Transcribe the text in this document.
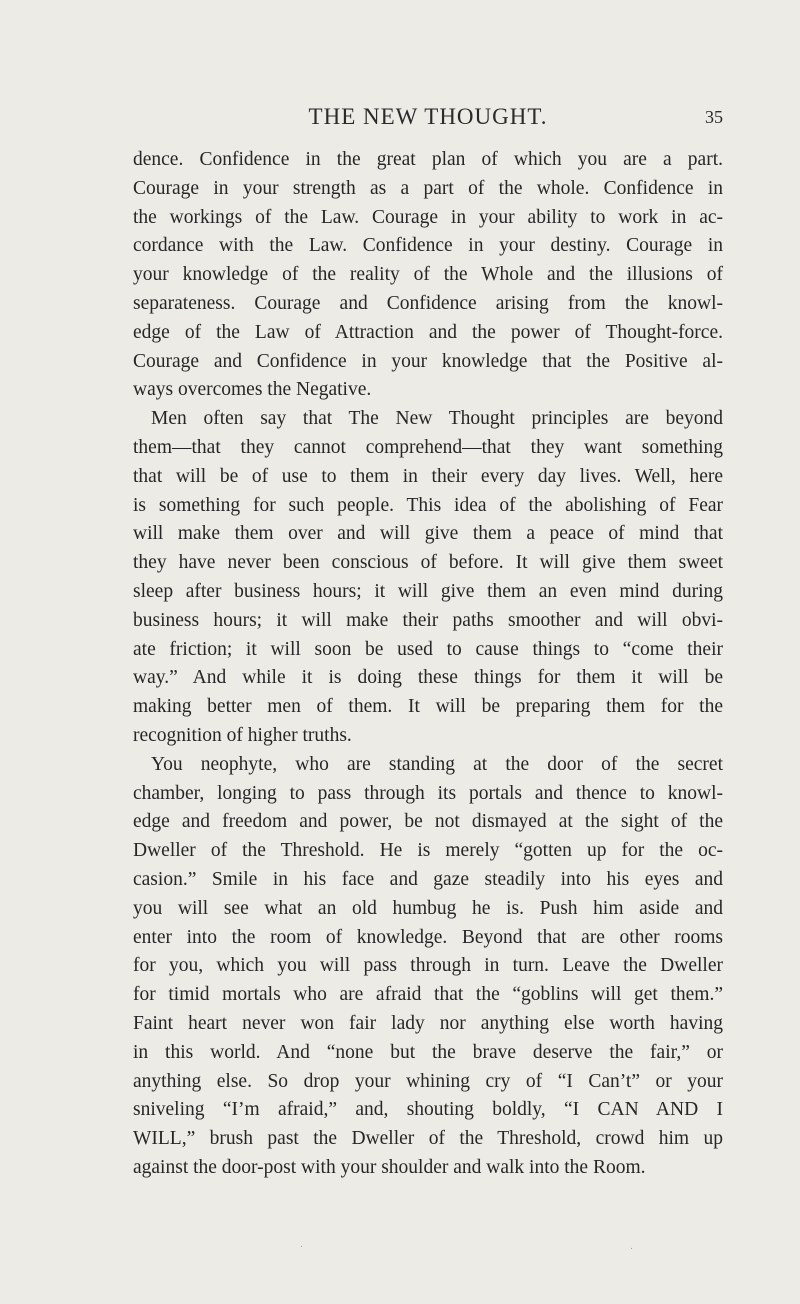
THE NEW THOUGHT.	35
dence. Confidence in the great plan of which you are a part.
Courage in your strength as a part of the whole. Confidence in
the workings of the Law. Courage in your ability to work in ac-
cordance with the Law. Confidence in your destiny. Courage in
your knowledge of the reality of the Whole and the illusions of
separateness. Courage and Confidence arising from the knowl-
edge of the Law of Attraction and the power of Thought-force.
Courage and Confidence in your knowledge that the Positive al-
ways overcomes the Negative.
Men often say that The New Thought principles are beyond
them—that they cannot comprehend—that they want something
that will be of use to them in their every day lives. Well, here
is something for such people. This idea of the abolishing of Fear
will make them over and will give them a peace of mind that
they have never been conscious of before. It will give them sweet
sleep after business hours; it will give them an even mind during
business hours; it will make their paths smoother and will obvi-
ate friction; it will soon be used to cause things to “come their
way.” And while it is doing these things for them it will be
making better men of them. It will be preparing them for the
recognition of higher truths.
You neophyte, who are standing at the door of the secret
chamber, longing to pass through its portals and thence to knowl-
edge and freedom and power, be not dismayed at the sight of the
Dweller of the Threshold. He is merely “gotten up for the oc-
casion.” Smile in his face and gaze steadily into his eyes and
you will see what an old humbug he is. Push him aside and
enter into the room of knowledge. Beyond that are other rooms
for you, which you will pass through in turn. Leave the Dweller
for timid mortals who are afraid that the “goblins will get them.”
Faint heart never won fair lady nor anything else worth having
in this world. And “none but the brave deserve the fair,” or
anything else. So drop your whining cry of “I Can’t” or your
sniveling “I’m afraid,” and, shouting boldly, “I CAN AND I
WILL,” brush past the Dweller of the Threshold, crowd him up
against the door-post with your shoulder and walk into the Room.
.	.
